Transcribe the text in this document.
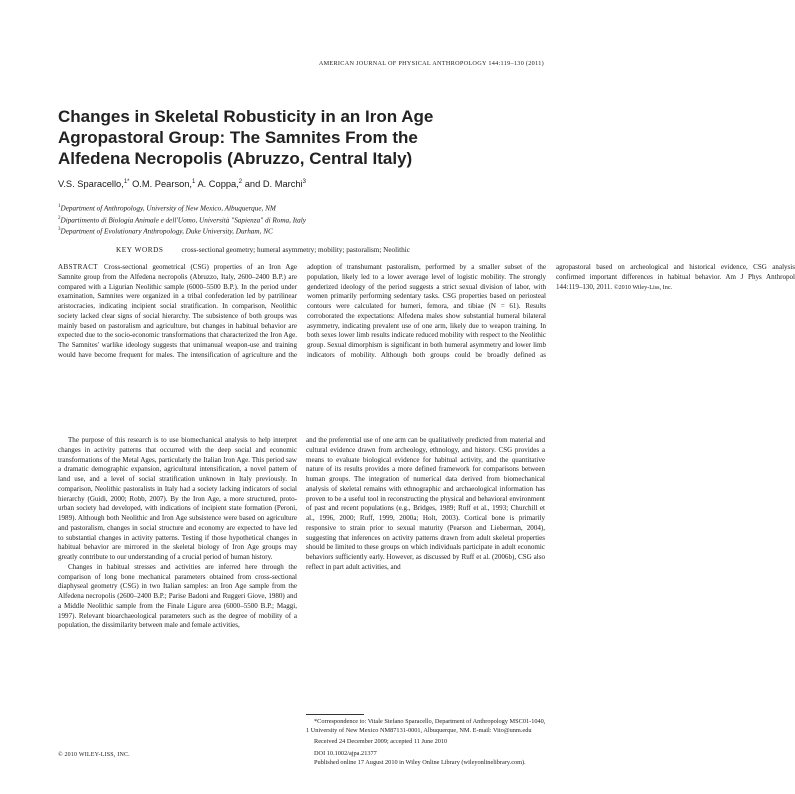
AMERICAN JOURNAL OF PHYSICAL ANTHROPOLOGY 144:119–130 (2011)
Changes in Skeletal Robusticity in an Iron Age Agropastoral Group: The Samnites From the Alfedena Necropolis (Abruzzo, Central Italy)
V.S. Sparacello,$^{1*}$ O.M. Pearson,$^1$ A. Coppa,$^2$ and D. Marchi$^3$
$^1$Department of Anthropology, University of New Mexico, Albuquerque, NM
$^2$Dipartimento di Biologia Animale e dell'Uomo, Università "Sapienza" di Roma, Italy
$^3$Department of Evolutionary Anthropology, Duke University, Durham, NC
KEY WORDS	cross-sectional geometry; humeral asymmetry; mobility; pastoralism; Neolithic
ABSTRACT Cross-sectional geometrical (CSG) properties of an Iron Age Samnite group from the Alfedena necropolis (Abruzzo, Italy, 2600–2400 B.P.) are compared with a Ligurian Neolithic sample (6000–5500 B.P.). In the period under examination, Samnites were organized in a tribal confederation led by patrilinear aristocracies, indicating incipient social stratification. In comparison, Neolithic society lacked clear signs of social hierarchy. The subsistence of both groups was mainly based on pastoralism and agriculture, but changes in habitual behavior are expected due to the socio-economic transformations that characterized the Iron Age. The Samnites' warlike ideology suggests that unimanual weapon-use and training would have become frequent for males. The intensification of agriculture and the adoption of transhumant pastoralism, performed by a smaller subset of the population, likely led to a lower average level of logistic mobility. The strongly genderized ideology of the period suggests a strict sexual division of labor, with women primarily performing sedentary tasks. CSG properties based on periosteal contours were calculated for humeri, femora, and tibiae (N = 61). Results corroborated the expectations: Alfedena males show substantial humeral bilateral asymmetry, indicating prevalent use of one arm, likely due to weapon training. In both sexes lower limb results indicate reduced mobility with respect to the Neolithic group. Sexual dimorphism is significant in both humeral asymmetry and lower limb indicators of mobility. Although both groups could be broadly defined as agropastoral based on archeological and historical evidence, CSG analysis confirmed important differences in habitual behavior. Am J Phys Anthropol 144:119–130, 2011. ©2010 Wiley-Liss, Inc.

The purpose of this research is to use biomechanical analysis to help interpret changes in activity patterns that occurred with the deep social and economic transformations of the Metal Ages, particularly the Italian Iron Age. This period saw a dramatic demographic expansion, agricultural intensification, a novel pattern of land use, and a level of social stratification unknown in Italy previously. In comparison, Neolithic pastoralists in Italy had a society lacking indicators of social hierarchy (Guidi, 2000; Robb, 2007). By the Iron Age, a more structured, proto-urban society had developed, with indications of incipient state formation (Peroni, 1989). Although both Neolithic and Iron Age subsistence were based on agriculture and pastoralism, changes in social structure and economy are expected to have led to substantial changes in activity patterns. Testing if those hypothetical changes in habitual behavior are mirrored in the skeletal biology of Iron Age groups may greatly contribute to our understanding of a crucial period of human history.

Changes in habitual stresses and activities are inferred here through the comparison of long bone mechanical parameters obtained from cross-sectional diaphyseal geometry (CSG) in two Italian samples: an Iron Age sample from the Alfedena necropolis (2600–2400 B.P.; Parise Badoni and Ruggeri Giove, 1980) and a Middle Neolithic sample from the Finale Ligure area (6000–5500 B.P.; Maggi, 1997). Relevant bioarchaeological parameters such as the degree of mobility of a population, the dissimilarity between male and female activities,

and the preferential use of one arm can be qualitatively predicted from material and cultural evidence drawn from archeology, ethnology, and history. CSG provides a means to evaluate biological evidence for habitual activity, and the quantitative nature of its results provides a more defined framework for comparisons between human groups. The integration of numerical data derived from biomechanical analysis of skeletal remains with ethnographic and archaeological information has proven to be a useful tool in reconstructing the physical and behavioral environment of past and recent populations (e.g., Bridges, 1989; Ruff et al., 1993; Churchill et al., 1996, 2000; Ruff, 1999, 2000a; Holt, 2003). Cortical bone is primarily responsive to strain prior to sexual maturity (Pearson and Lieberman, 2004), suggesting that inferences on activity patterns drawn from adult skeletal properties should be limited to these groups on which individuals participate in adult economic behaviors sufficiently early. However, as discussed by Ruff et al. (2006b), CSG also reflect in part adult activities, and

*Correspondence to: Vitale Stefano Sparacello, Department of Anthropology MSC01-1040, 1 University of New Mexico NM87131-0001, Albuquerque, NM. E-mail: Vito@unm.edu

Received 24 December 2009; accepted 11 June 2010

DOI 10.1002/ajpa.21377

Published online 17 August 2010 in Wiley Online Library (wileyonlinelibrary.com).

© 2010 WILEY-LISS, INC.
